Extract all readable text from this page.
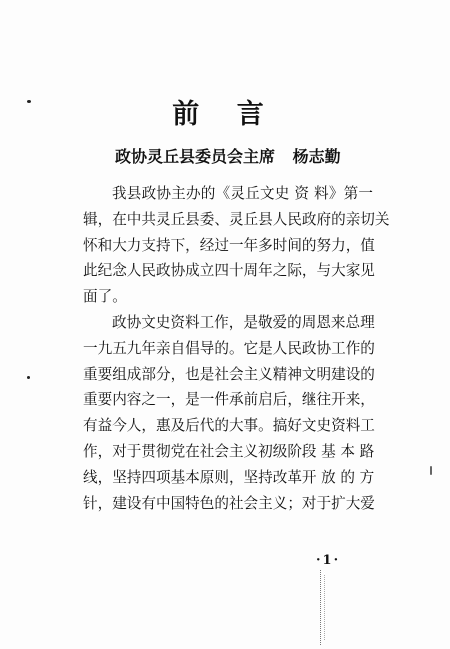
前 言
政协灵丘县委员会主席 杨志勤
我县政协主办的《灵丘文史 资 料》第一
辑，在中共灵丘县委、灵丘县人民政府的亲切关
怀和大力支持下，经过一年多时间的努力，值
此纪念人民政协成立四十周年之际，与大家见
面了。
政协文史资料工作，是敬爱的周恩来总理
一九五九年亲自倡导的。它是人民政协工作的
重要组成部分，也是社会主义精神文明建设的
重要内容之一，是一件承前启后，继往开来，
有益今人，惠及后代的大事。搞好文史资料工
作，对于贯彻党在社会主义初级阶段 基 本 路
线，坚持四项基本原则，坚持改革开 放 的 方
针，建设有中国特色的社会主义；对于扩大爱
·1·
